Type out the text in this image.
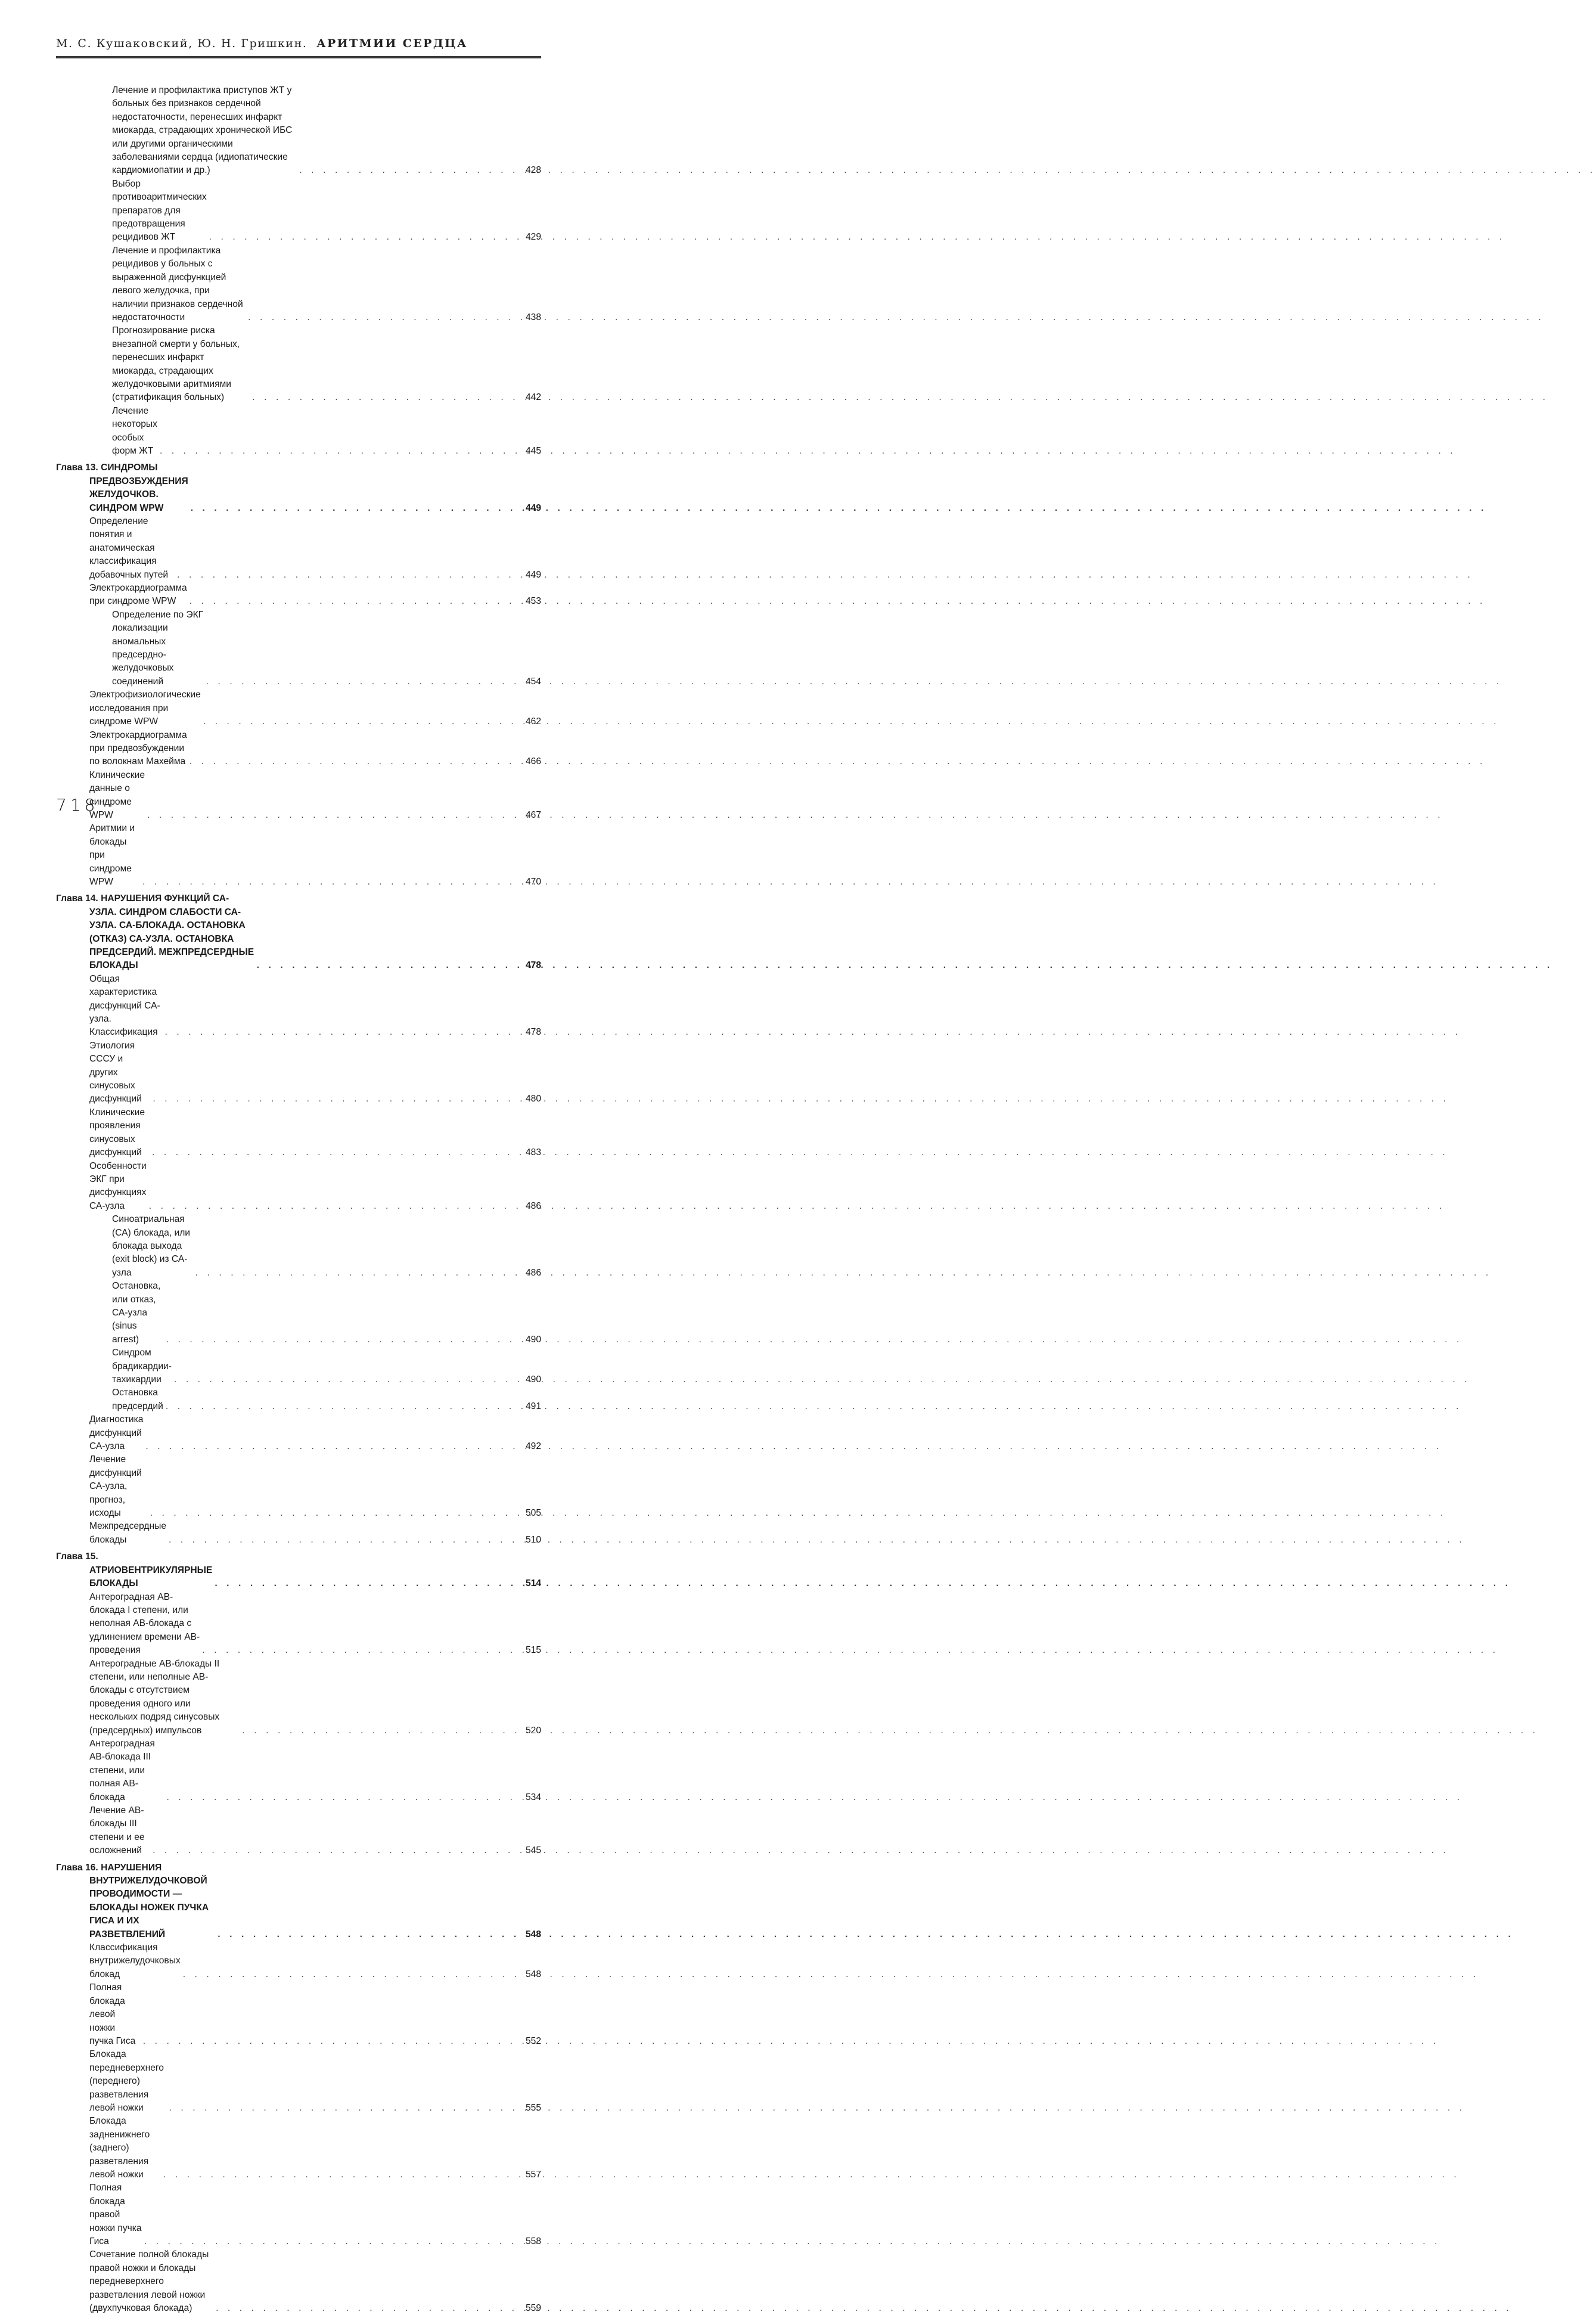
М. С. Кушаковский, Ю. Н. Гришкин. АРИТМИИ СЕРДЦА
Лечение и профилактика приступов ЖТ у больных без признаков сердечной недостаточности, перенесших инфаркт миокарда, страдающих хронической ИБС или другими органическими заболеваниями сердца (идиопатические кардиомиопатии и др.) . . .	428
Выбор противоаритмических препаратов для предотвращения рецидивов ЖТ . . .	429
Лечение и профилактика рецидивов у больных с выраженной дисфункцией левого желудочка, при наличии признаков сердечной недостаточности . . .	438
Прогнозирование риска внезапной смерти у больных, перенесших инфаркт миокарда, страдающих желудочковыми аритмиями (стратификация больных) . . .	442
Лечение некоторых особых форм ЖТ . . .	445
Глава 13. СИНДРОМЫ ПРЕДВОЗБУЖДЕНИЯ ЖЕЛУДОЧКОВ. СИНДРОМ WPW . . .	449
Определение понятия и анатомическая классификация добавочных путей . . .	449
Электрокардиограмма при синдроме WPW . . .	453
Определение по ЭКГ локализации аномальных предсердно-желудочковых соединений . . .	454
Электрофизиологические исследования при синдроме WPW . . .	462
Электрокардиограмма при предвозбуждении по волокнам Махейма . . .	466
Клинические данные о синдроме WPW . . .	467
Аритмии и блокады при синдроме WPW . . .	470
Глава 14. НАРУШЕНИЯ ФУНКЦИЙ СА-УЗЛА. СИНДРОМ СЛАБОСТИ СА-УЗЛА. СА-БЛОКАДА. ОСТАНОВКА (ОТКАЗ) СА-УЗЛА. ОСТАНОВКА ПРЕДСЕРДИЙ. МЕЖПРЕДСЕРДНЫЕ БЛОКАДЫ . . .	478
Общая характеристика дисфункций СА-узла. Классификация . . .	478
Этиология СССУ и других синусовых дисфункций . . .	480
Клинические проявления синусовых дисфункций . . .	483
Особенности ЭКГ при дисфункциях СА-узла . . .	486
Синоатриальная (СА) блокада, или блокада выхода (exit block) из СА-узла . . .	486
Остановка, или отказ, СА-узла (sinus arrest) . . .	490
Синдром брадикардии-тахикардии . . .	490
Остановка предсердий . . .	491
Диагностика дисфункций СА-узла . . .	492
Лечение дисфункций СА-узла, прогноз, исходы . . .	505
Межпредсердные блокады . . .	510
Глава 15. АТРИОВЕНТРИКУЛЯРНЫЕ БЛОКАДЫ . . .	514
Антероградная АВ-блокада I степени, или неполная АВ-блокада с удлинением времени АВ-проведения . . .	515
Антероградные АВ-блокады II степени, или неполные АВ-блокады с отсутствием проведения одного или нескольких подряд синусовых (предсердных) импульсов . . .	520
Антероградная АВ-блокада III степени, или полная АВ-блокада . . .	534
Лечение АВ-блокады III степени и ее осложнений . . .	545
Глава 16. НАРУШЕНИЯ ВНУТРИЖЕЛУДОЧКОВОЙ ПРОВОДИМОСТИ — БЛОКАДЫ НОЖЕК ПУЧКА ГИСА И ИХ РАЗВЕТВЛЕНИЙ . . .	548
Классификация внутрижелудочковых блокад . . .	548
Полная блокада левой ножки пучка Гиса . . .	552
Блокада передневерхнего (переднего) разветвления левой ножки . . .	555
Блокада задненижнего (заднего) разветвления левой ножки . . .	557
Полная блокада правой ножки пучка Гиса . . .	558
Сочетание полной блокады правой ножки и блокады передневерхнего разветвления левой ножки (двухпучковая блокада) . . .	559
718
